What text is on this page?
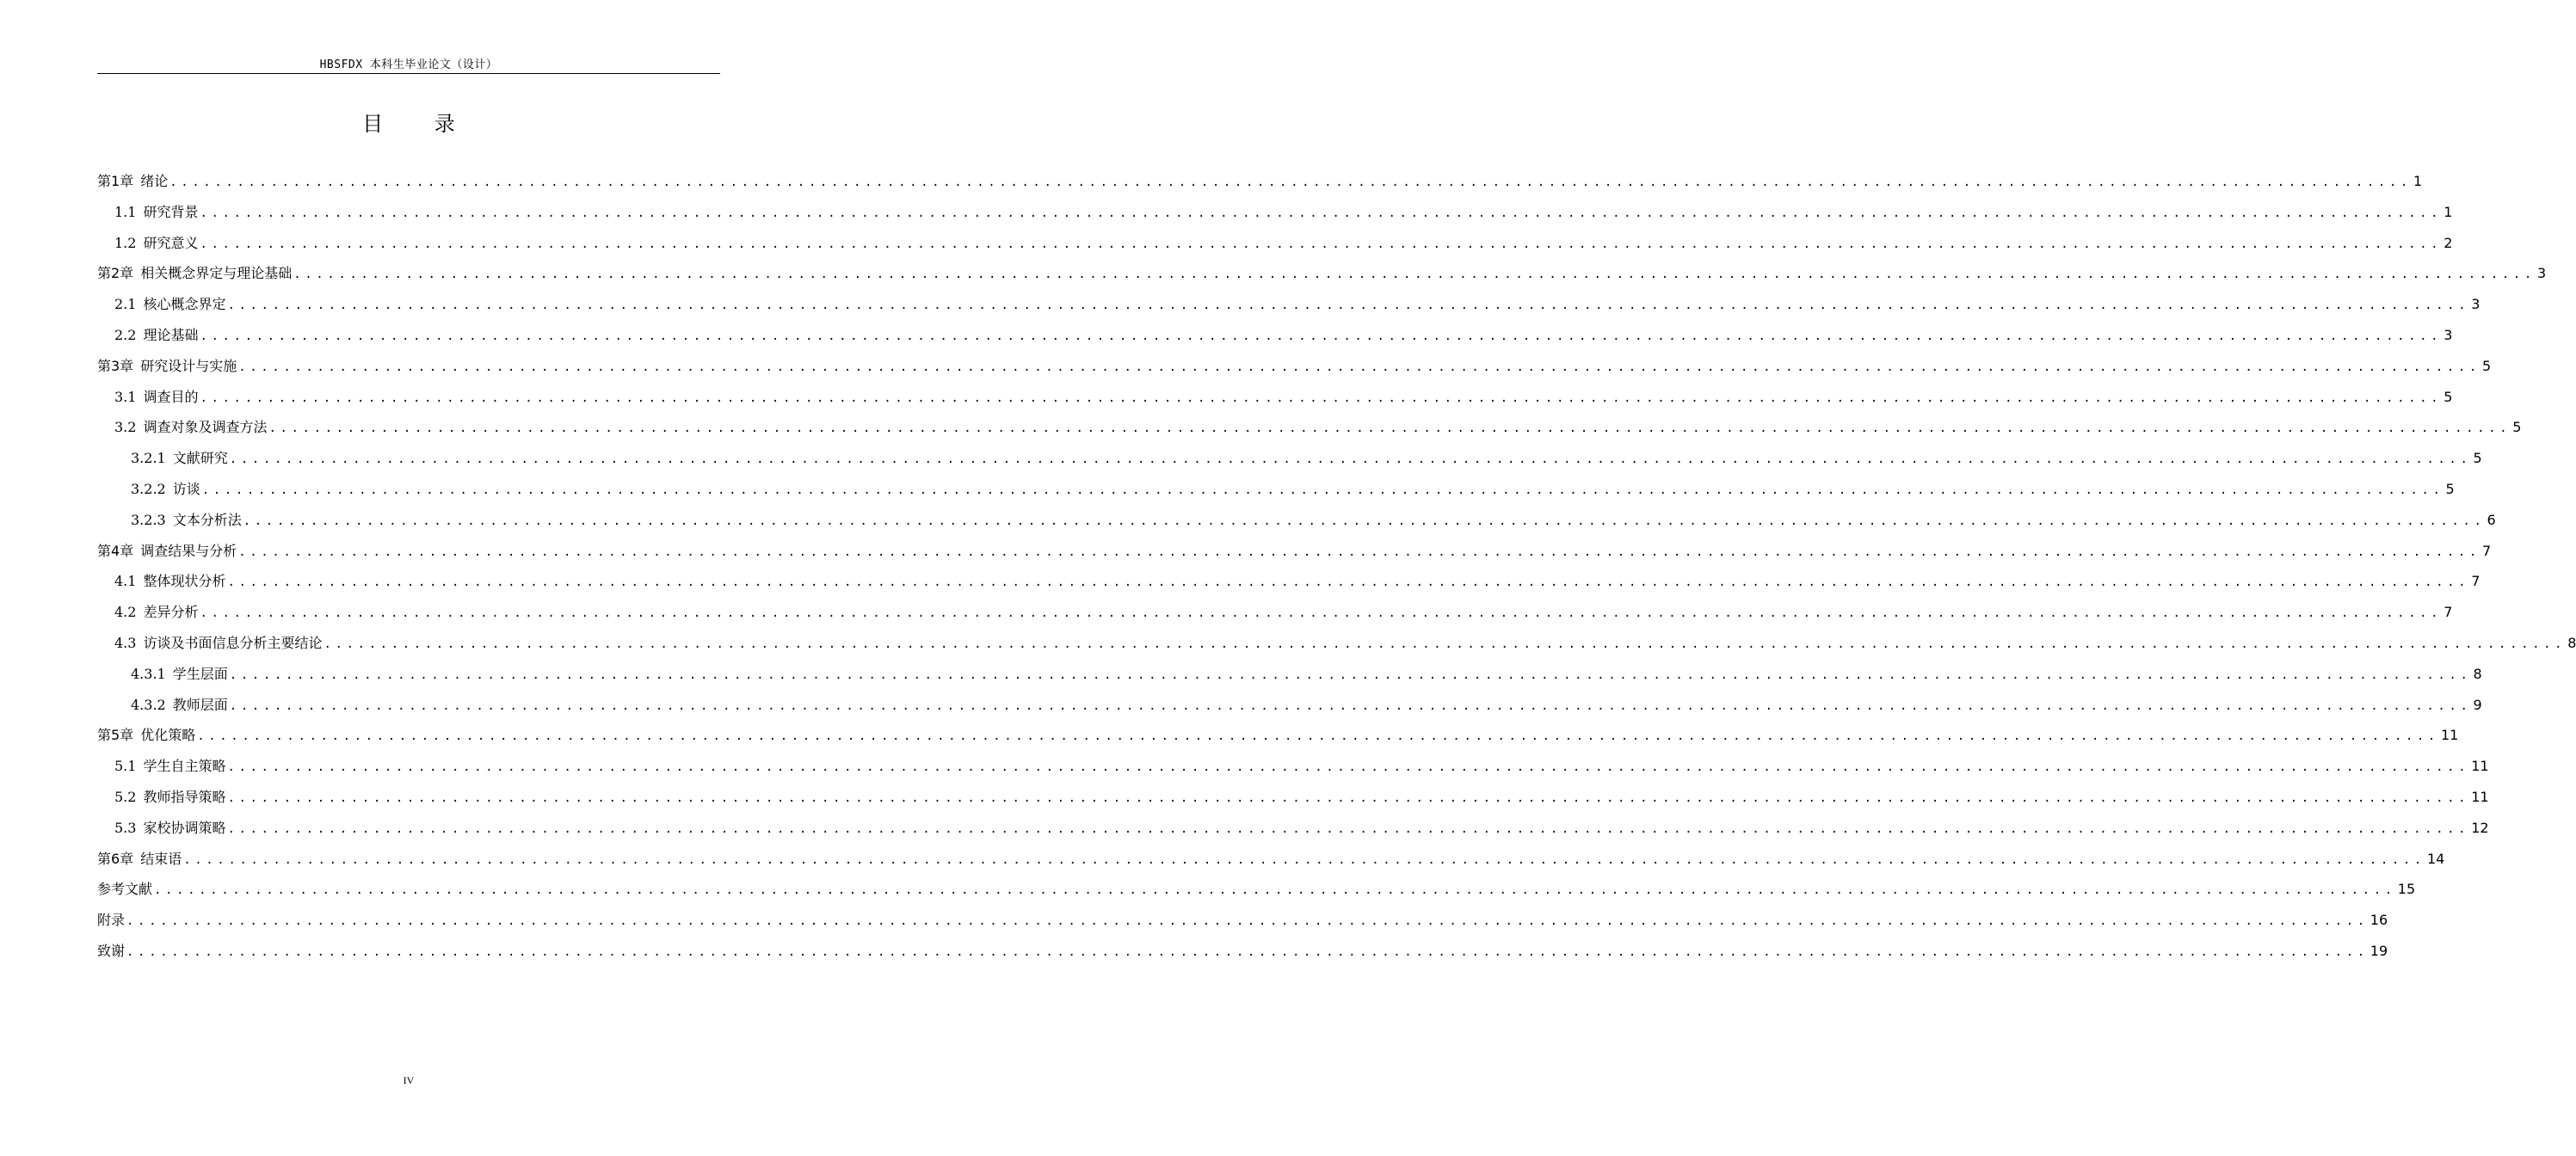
HBSFDX 本科生毕业论文（设计）
目 录
第1章 绪论 ........................................................................................................................................................................................................ 1
1.1 研究背景 ........................................................................................................................................................................................................ 1
1.2 研究意义 ........................................................................................................................................................................................................ 2
第2章 相关概念界定与理论基础 ........................................................................................................................................................................................................ 3
2.1 核心概念界定 ........................................................................................................................................................................................................ 3
2.2 理论基础 ........................................................................................................................................................................................................ 3
第3章 研究设计与实施 ........................................................................................................................................................................................................ 5
3.1 调查目的 ........................................................................................................................................................................................................ 5
3.2 调查对象及调查方法 ........................................................................................................................................................................................................ 5
3.2.1 文献研究 ........................................................................................................................................................................................................ 5
3.2.2 访谈 ........................................................................................................................................................................................................ 5
3.2.3 文本分析法 ........................................................................................................................................................................................................ 6
第4章 调查结果与分析 ........................................................................................................................................................................................................ 7
4.1 整体现状分析 ........................................................................................................................................................................................................ 7
4.2 差异分析 ........................................................................................................................................................................................................ 7
4.3 访谈及书面信息分析主要结论 ........................................................................................................................................................................................................ 8
4.3.1 学生层面 ........................................................................................................................................................................................................ 8
4.3.2 教师层面 ........................................................................................................................................................................................................ 9
第5章 优化策略 ........................................................................................................................................................................................................ 11
5.1 学生自主策略 ........................................................................................................................................................................................................ 11
5.2 教师指导策略 ........................................................................................................................................................................................................ 11
5.3 家校协调策略 ........................................................................................................................................................................................................ 12
第6章 结束语 ........................................................................................................................................................................................................ 14
参考文献 ........................................................................................................................................................................................................ 15
附录 ........................................................................................................................................................................................................ 16
致谢 ........................................................................................................................................................................................................ 19
IV
